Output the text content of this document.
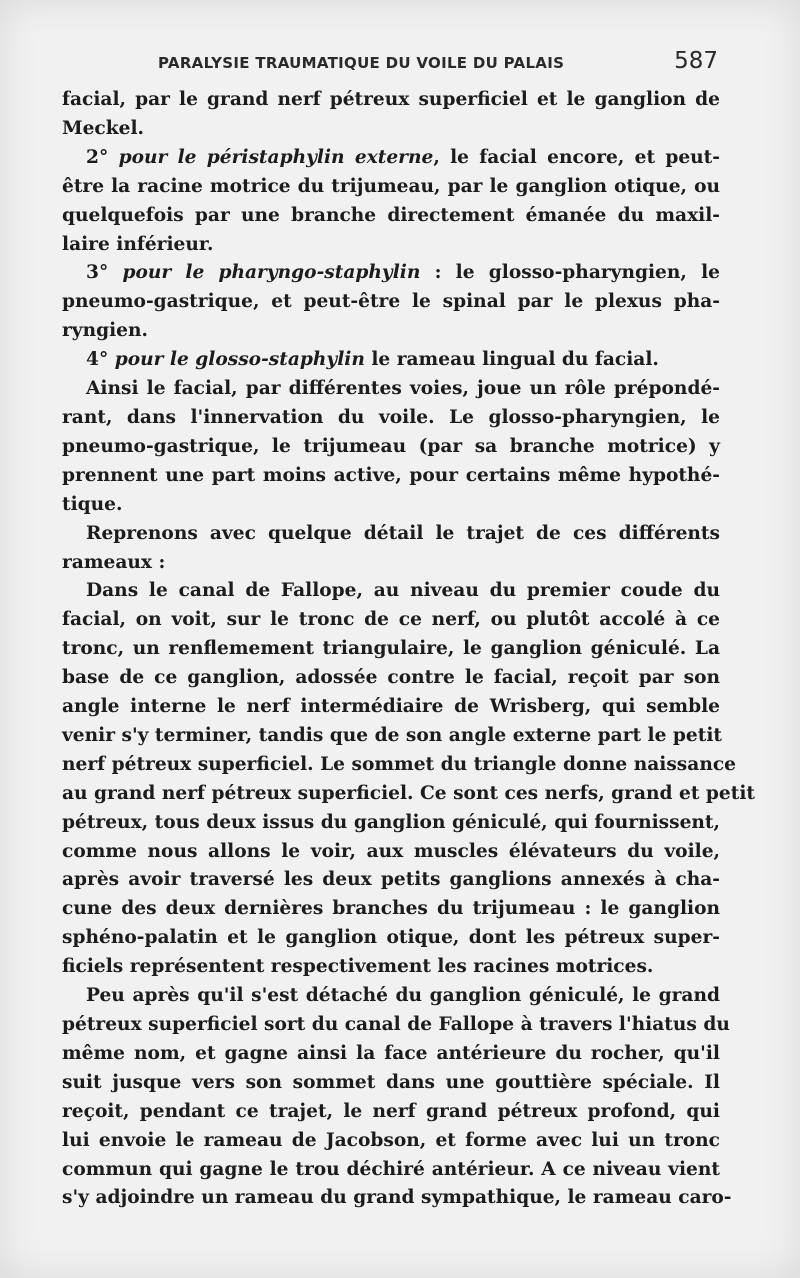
PARALYSIE TRAUMATIQUE DU VOILE DU PALAIS	587
facial, par le grand nerf pétreux superficiel et le ganglion de
Meckel.
2° pour le péristaphylin externe, le facial encore, et peut-
être la racine motrice du trijumeau, par le ganglion otique, ou
quelquefois par une branche directement émanée du maxil-
laire inférieur.
3° pour le pharyngo-staphylin : le glosso-pharyngien, le
pneumo-gastrique, et peut-être le spinal par le plexus pha-
ryngien.
4° pour le glosso-staphylin le rameau lingual du facial.
Ainsi le facial, par différentes voies, joue un rôle prépondé-
rant, dans l'innervation du voile. Le glosso-pharyngien, le
pneumo-gastrique, le trijumeau (par sa branche motrice) y
prennent une part moins active, pour certains même hypothé-
tique.
Reprenons avec quelque détail le trajet de ces différents
rameaux :
Dans le canal de Fallope, au niveau du premier coude du
facial, on voit, sur le tronc de ce nerf, ou plutôt accolé à ce
tronc, un renflemement triangulaire, le ganglion géniculé. La
base de ce ganglion, adossée contre le facial, reçoit par son
angle interne le nerf intermédiaire de Wrisberg, qui semble
venir s'y terminer, tandis que de son angle externe part le petit
nerf pétreux superficiel. Le sommet du triangle donne naissance
au grand nerf pétreux superficiel. Ce sont ces nerfs, grand et petit
pétreux, tous deux issus du ganglion géniculé, qui fournissent,
comme nous allons le voir, aux muscles élévateurs du voile,
après avoir traversé les deux petits ganglions annexés à cha-
cune des deux dernières branches du trijumeau : le ganglion
sphéno-palatin et le ganglion otique, dont les pétreux super-
ficiels représentent respectivement les racines motrices.
Peu après qu'il s'est détaché du ganglion géniculé, le grand
pétreux superficiel sort du canal de Fallope à travers l'hiatus du
même nom, et gagne ainsi la face antérieure du rocher, qu'il
suit jusque vers son sommet dans une gouttière spéciale. Il
reçoit, pendant ce trajet, le nerf grand pétreux profond, qui
lui envoie le rameau de Jacobson, et forme avec lui un tronc
commun qui gagne le trou déchiré antérieur. A ce niveau vient
s'y adjoindre un rameau du grand sympathique, le rameau caro-
